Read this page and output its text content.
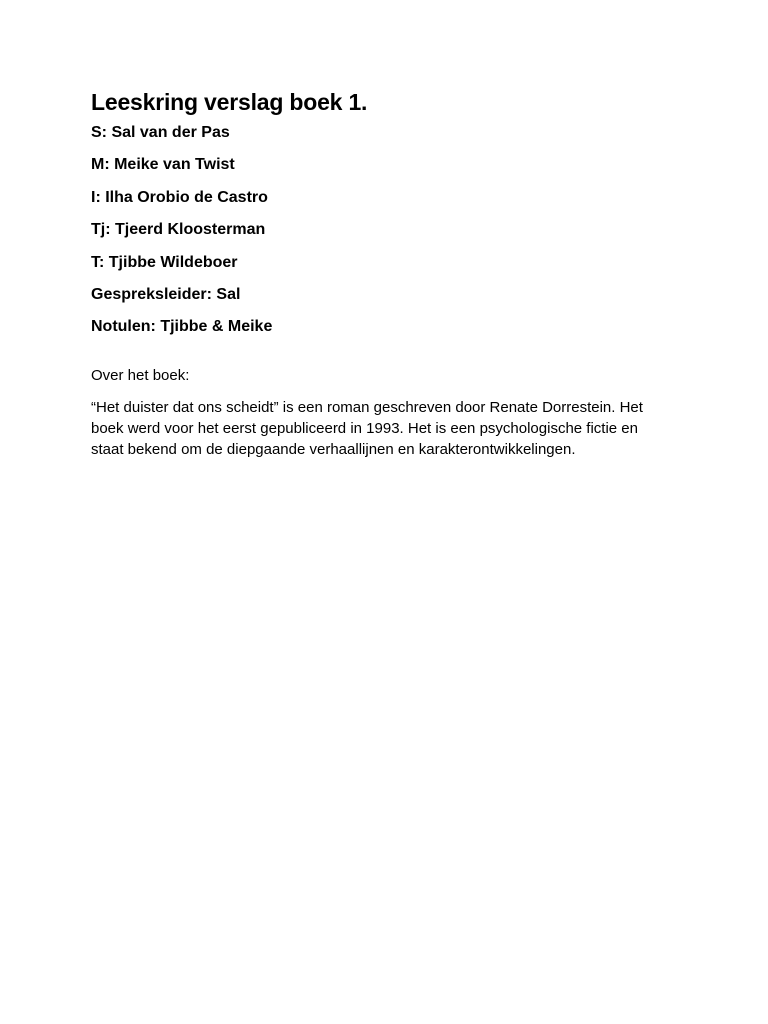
Leeskring verslag boek 1.
S: Sal van der Pas
M: Meike van Twist
I: Ilha Orobio de Castro
Tj: Tjeerd Kloosterman
T: Tjibbe Wildeboer
Gespreksleider: Sal
Notulen: Tjibbe & Meike

Over het boek:

“Het duister dat ons scheidt” is een roman geschreven door Renate Dorrestein. Het boek werd voor het eerst gepubliceerd in 1993. Het is een psychologische fictie en staat bekend om de diepgaande verhaallijnen en karakterontwikkelingen.
